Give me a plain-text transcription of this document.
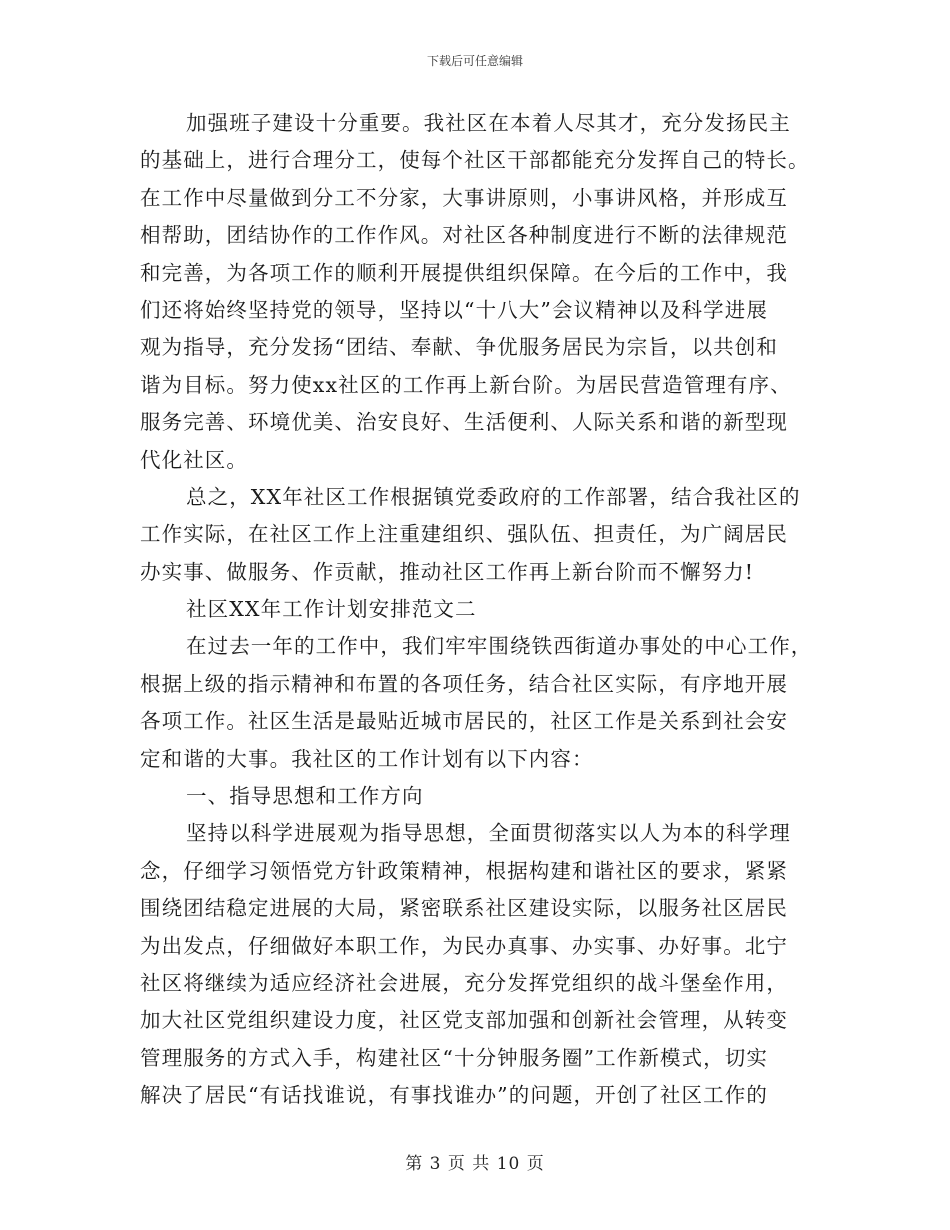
下载后可任意编辑
加强班子建设十分重要。我社区在本着人尽其才，充分发扬民主
的基础上，进行合理分工，使每个社区干部都能充分发挥自己的特长。
在工作中尽量做到分工不分家，大事讲原则，小事讲风格，并形成互
相帮助，团结协作的工作作风。对社区各种制度进行不断的法律规范
和完善，为各项工作的顺利开展提供组织保障。在今后的工作中，我
们还将始终坚持党的领导，坚持以“十八大”会议精神以及科学进展
观为指导，充分发扬“团结、奉献、争优服务居民为宗旨，以共创和
谐为目标。努力使xx社区的工作再上新台阶。为居民营造管理有序、
服务完善、环境优美、治安良好、生活便利、人际关系和谐的新型现
代化社区。
总之，XX年社区工作根据镇党委政府的工作部署，结合我社区的
工作实际，在社区工作上注重建组织、强队伍、担责任，为广阔居民
办实事、做服务、作贡献，推动社区工作再上新台阶而不懈努力!
社区XX年工作计划安排范文二
在过去一年的工作中，我们牢牢围绕铁西街道办事处的中心工作，
根据上级的指示精神和布置的各项任务，结合社区实际，有序地开展
各项工作。社区生活是最贴近城市居民的，社区工作是关系到社会安
定和谐的大事。我社区的工作计划有以下内容：
一、指导思想和工作方向
坚持以科学进展观为指导思想，全面贯彻落实以人为本的科学理
念，仔细学习领悟党方针政策精神，根据构建和谐社区的要求，紧紧
围绕团结稳定进展的大局，紧密联系社区建设实际，以服务社区居民
为出发点，仔细做好本职工作，为民办真事、办实事、办好事。北宁
社区将继续为适应经济社会进展，充分发挥党组织的战斗堡垒作用，
加大社区党组织建设力度，社区党支部加强和创新社会管理，从转变
管理服务的方式入手，构建社区“十分钟服务圈”工作新模式，切实
解决了居民“有话找谁说，有事找谁办”的问题，开创了社区工作的
第 3 页 共 10 页
